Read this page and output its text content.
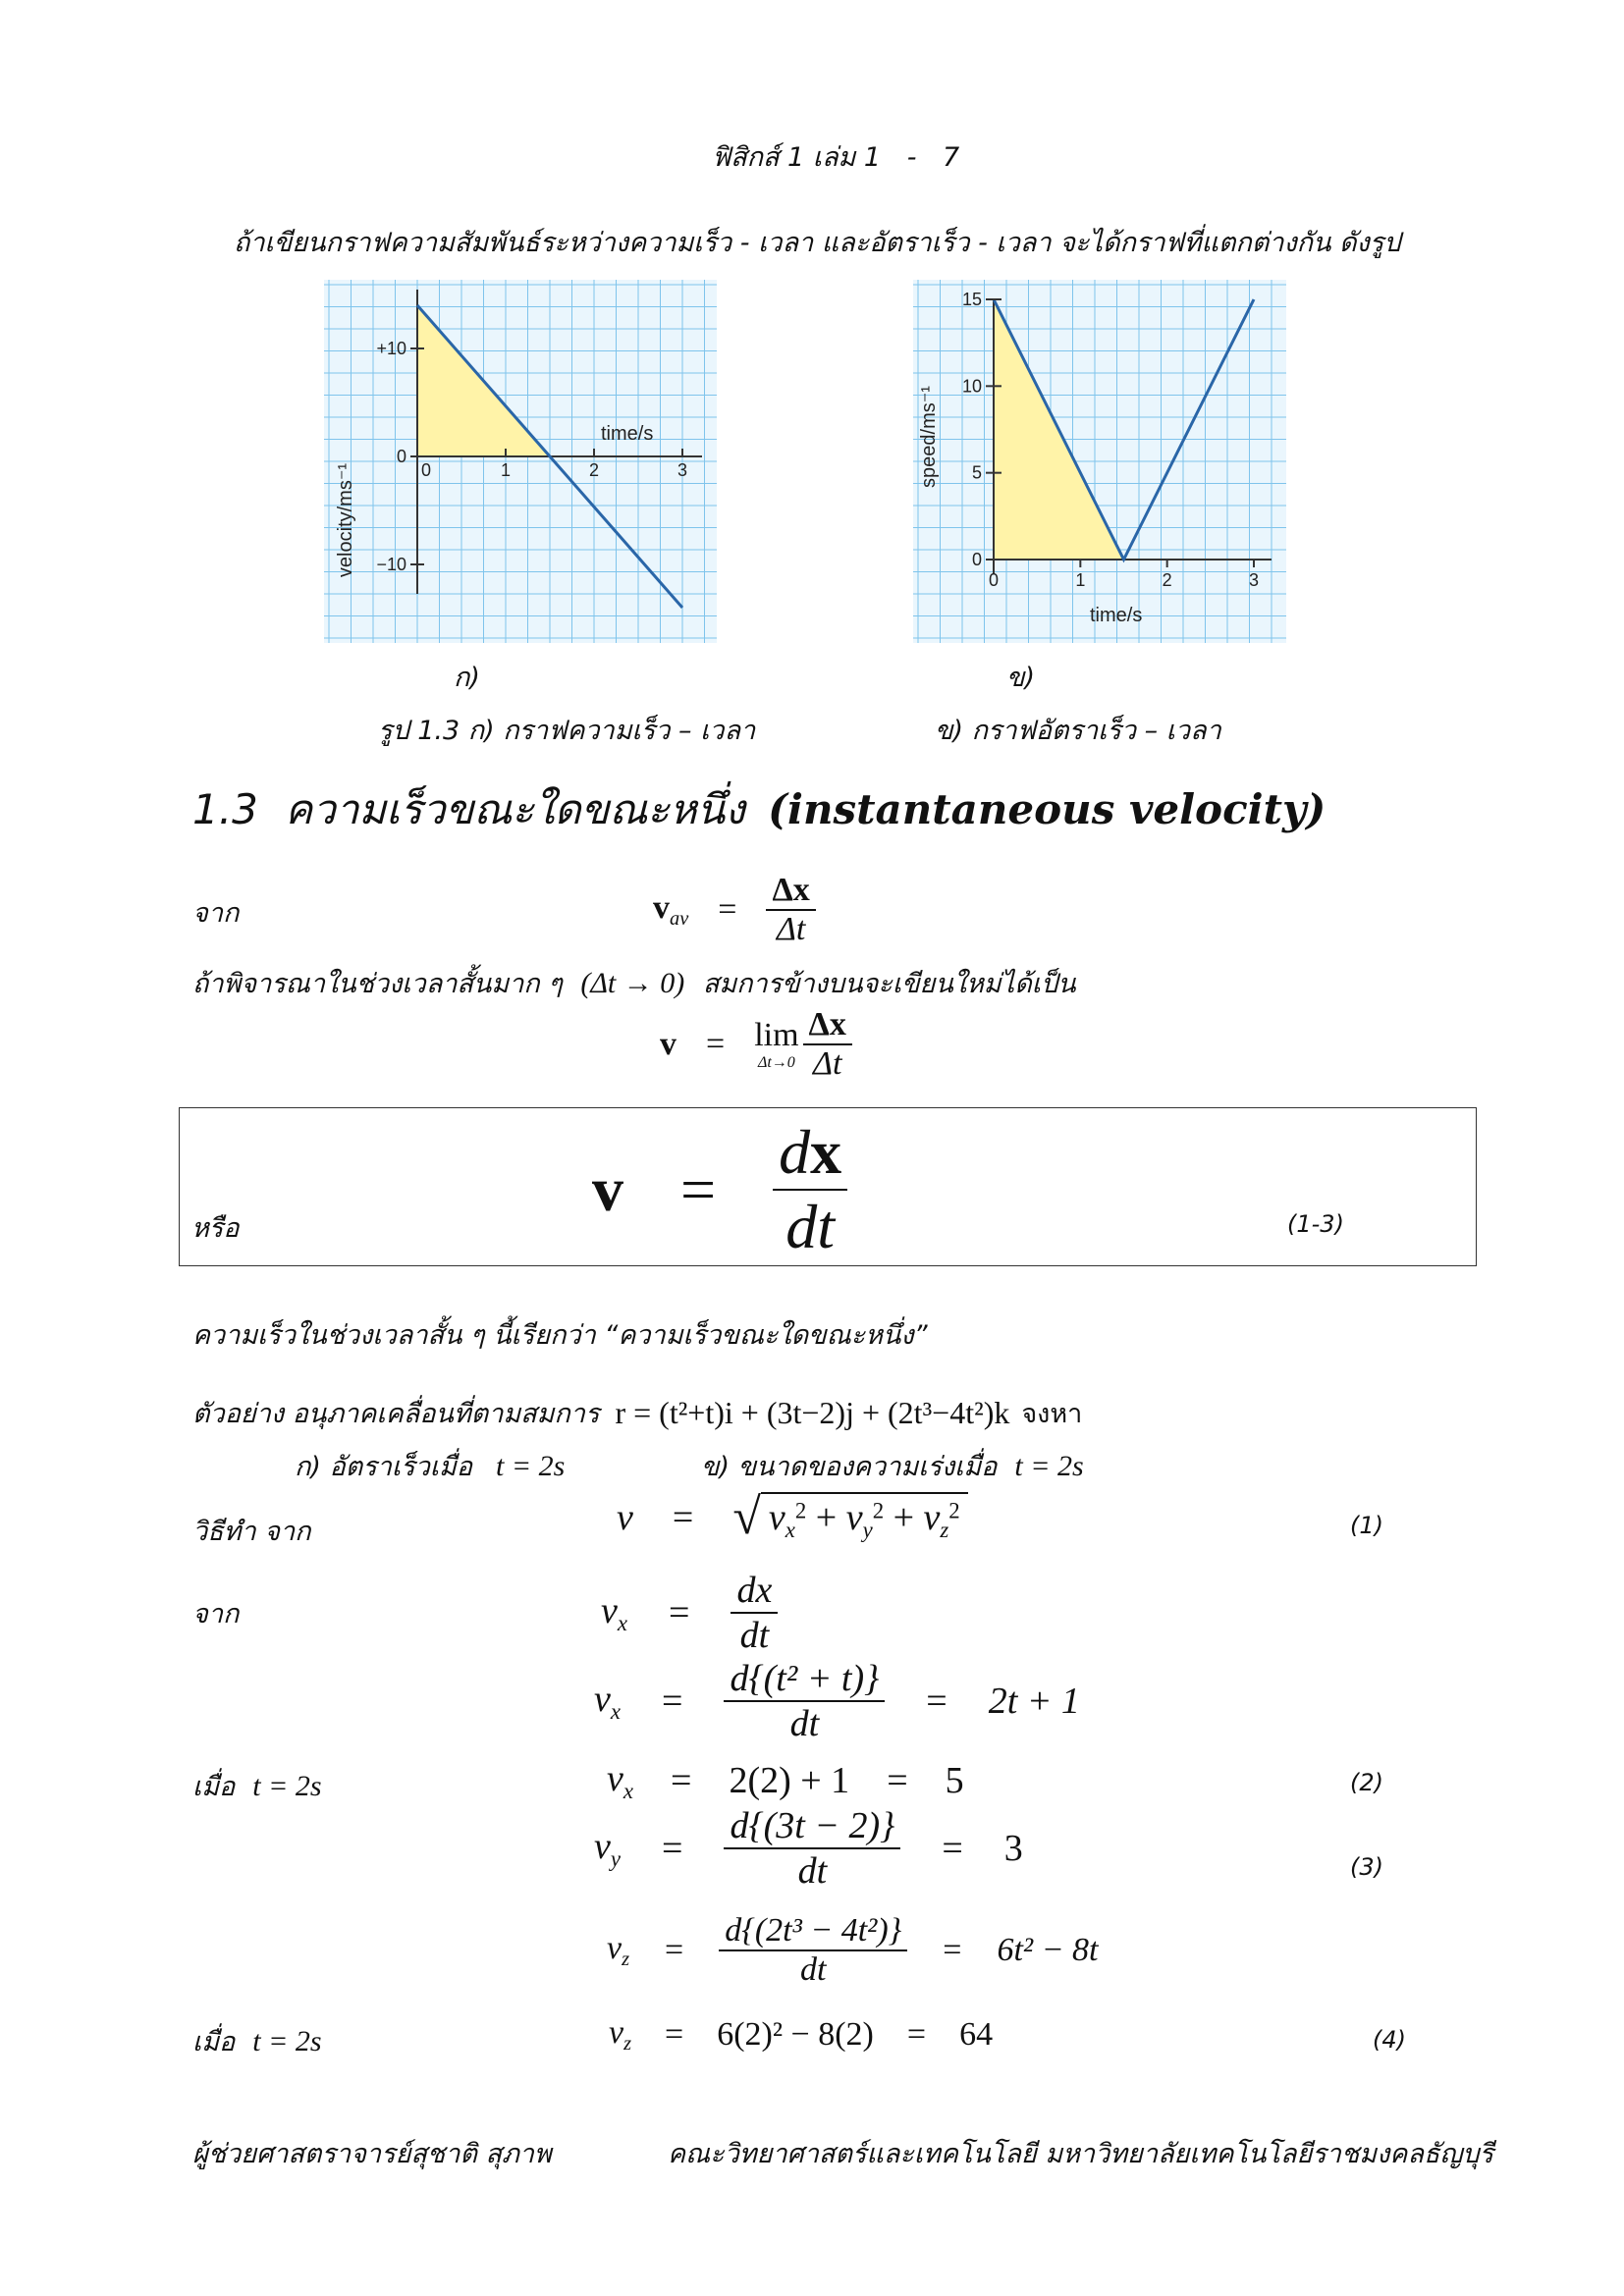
ฟิสิกส์ 1 เล่ม 1 - 7
ถ้าเขียนกราฟความสัมพันธ์ระหว่างความเร็ว - เวลา และอัตราเร็ว - เวลา จะได้กราฟที่แตกต่างกัน ดังรูป
0	1	2	3
+10
0
−10
time/s
velocity/ms⁻¹
0	1	2	3
15
10
5
0
time/s
speed/ms⁻¹
ก)	ข)
รูป 1.3 ก) กราฟความเร็ว – เวลา	ข) กราฟอัตราเร็ว – เวลา
1.3 ความเร็วขณะใดขณะหนึ่ง (instantaneous velocity)
จาก	$v_{av} = \frac{\Delta x}{\Delta t}$
ถ้าพิจารณาในช่วงเวลาสั้นมาก ๆ (Δt → 0) สมการข้างบนจะเขียนใหม่ได้เป็น
v = lim
$\Delta t\to 0 \frac{\Delta x}{\Delta t}$
หรือ
$v = \frac{dx}{dt}$	(1-3)
ความเร็วในช่วงเวลาสั้น ๆ นี้เรียกว่า “ความเร็วขณะใดขณะหนึ่ง”
ตัวอย่าง อนุภาคเคลื่อนที่ตามสมการ r = (t²+t)i + (3t−2)j + (2t³−4t²)k จงหา
ก) อัตราเร็วเมื่อ t = 2s	ข) ขนาดของความเร่งเมื่อ t = 2s
วิธีทำ จาก	v = √ $v_x^2 + v_y^2 + v_z^2$
(1)
จาก	$v_x = \frac{dx}{dt}$
$v_x = \frac{\text{d\{(t² + t)\}}}{dt} = 2t + 1$
เมื่อ t = 2s	$v_x = 2(2) + 1 = 5$	(2)
$v_y = \frac{d\{(3t - 2)\}}{dt} = 3$	(3)
$v_z = \frac{\text{d\{(2t³ − 4t²)\}}}{dt} = 6t^2 - 8t$
เมื่อ t = 2s	$v_z = 6(2)^2 - 8(2) = 64$	(4)
ผู้ช่วยศาสตราจารย์สุชาติ สุภาพ	คณะวิทยาศาสตร์และเทคโนโลยี มหาวิทยาลัยเทคโนโลยีราชมงคลธัญบุรี
